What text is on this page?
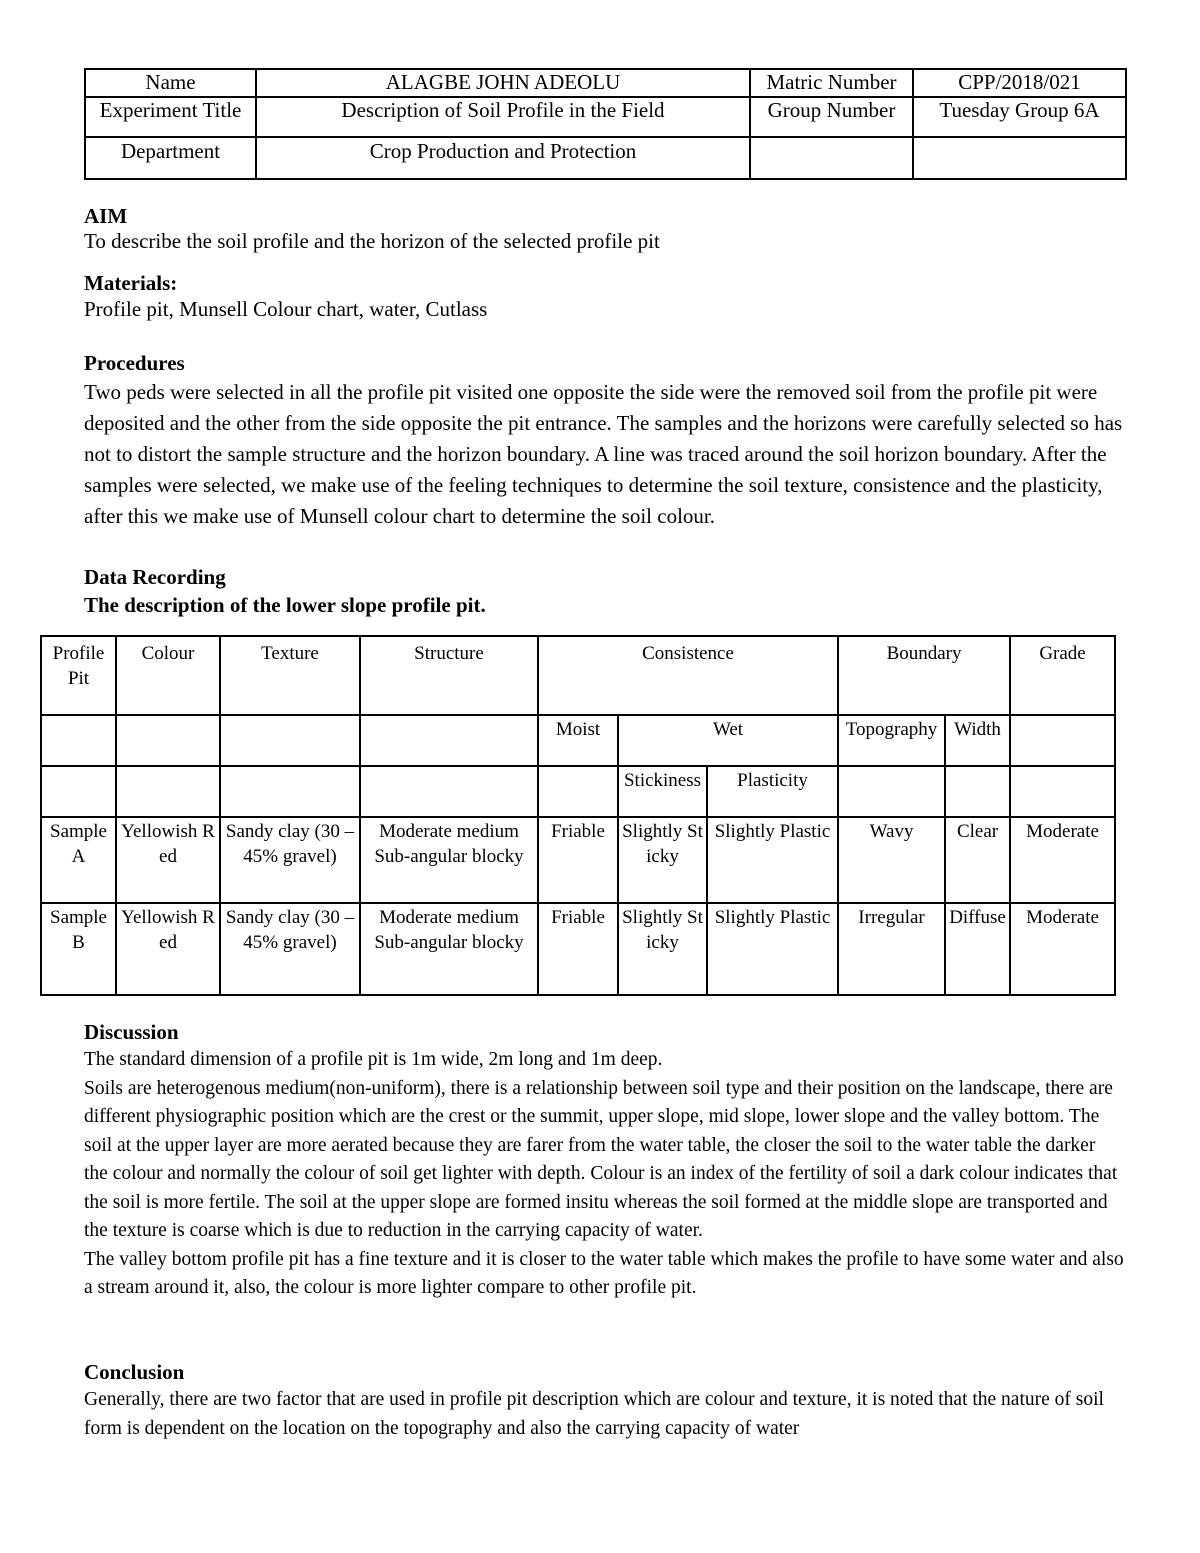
Name	ALAGBE JOHN ADEOLU	Matric Number	CPP/2018/021
Experiment Title	Description of Soil Profile in the Field	Group Number	Tuesday Group 6A
Department	Crop Production and Protection		
AIM
To describe the soil profile and the horizon of the selected profile pit
Materials:
Profile pit, Munsell Colour chart, water, Cutlass
Procedures
Two peds were selected in all the profile pit visited one opposite the side were the removed soil from the profile pit were deposited and the other from the side opposite the pit entrance. The samples and the horizons were carefully selected so has not to distort the sample structure and the horizon boundary. A line was traced around the soil horizon boundary. After the samples were selected, we make use of the feeling techniques to determine the soil texture, consistence and the plasticity, after this we make use of Munsell colour chart to determine the soil colour.
Data Recording
The description of the lower slope profile pit.
Profile Pit	Colour	Texture	Structure	Consistence			Boundary		Grade
				Moist	Wet		Topography	Width	
					Stickiness	Plasticity			
Sample A	Yellowish Red	Sandy clay (30 – 45% gravel)	Moderate medium Sub-angular blocky	Friable	Slightly Sticky	Slightly Plastic	Wavy	Clear	Moderate
Sample B	Yellowish Red	Sandy clay (30 – 45% gravel)	Moderate medium Sub-angular blocky	Friable	Slightly Sticky	Slightly Plastic	Irregular	Diffuse	Moderate
Discussion
The standard dimension of a profile pit is 1m wide, 2m long and 1m deep.
Soils are heterogenous medium(non-uniform), there is a relationship between soil type and their position on the landscape, there are different physiographic position which are the crest or the summit, upper slope, mid slope, lower slope and the valley bottom. The soil at the upper layer are more aerated because they are farer from the water table, the closer the soil to the water table the darker the colour and normally the colour of soil get lighter with depth. Colour is an index of the fertility of soil a dark colour indicates that the soil is more fertile. The soil at the upper slope are formed insitu whereas the soil formed at the middle slope are transported and the texture is coarse which is due to reduction in the carrying capacity of water.
The valley bottom profile pit has a fine texture and it is closer to the water table which makes the profile to have some water and also a stream around it, also, the colour is more lighter compare to other profile pit.
Conclusion
Generally, there are two factor that are used in profile pit description which are colour and texture, it is noted that the nature of soil form is dependent on the location on the topography and also the carrying capacity of water
